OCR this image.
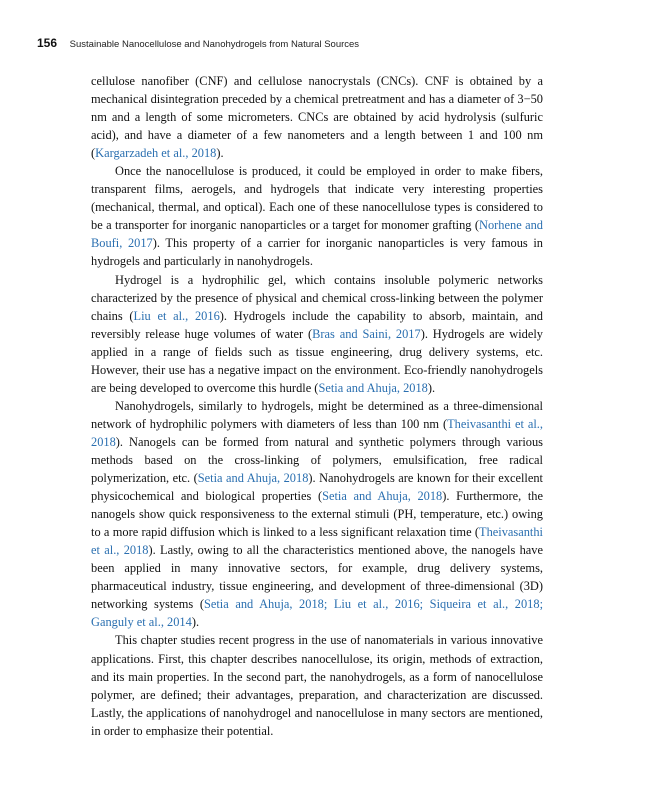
156 Sustainable Nanocellulose and Nanohydrogels from Natural Sources

cellulose nanofiber (CNF) and cellulose nanocrystals (CNCs). CNF is obtained by a mechanical disintegration preceded by a chemical pretreatment and has a diameter of 3−50 nm and a length of some micrometers. CNCs are obtained by acid hydrolysis (sulfuric acid), and have a diameter of a few nanometers and a length between 1 and 100 nm (Kargarzadeh et al., 2018).

Once the nanocellulose is produced, it could be employed in order to make fibers, transparent films, aerogels, and hydrogels that indicate very interesting properties (mechanical, thermal, and optical). Each one of these nanocellulose types is considered to be a transporter for inorganic nanoparticles or a target for monomer grafting (Norhene and Boufi, 2017). This property of a carrier for inorganic nanoparticles is very famous in hydrogels and particularly in nanohydrogels.

Hydrogel is a hydrophilic gel, which contains insoluble polymeric networks characterized by the presence of physical and chemical cross-linking between the polymer chains (Liu et al., 2016). Hydrogels include the capability to absorb, maintain, and reversibly release huge volumes of water (Bras and Saini, 2017). Hydrogels are widely applied in a range of fields such as tissue engineering, drug delivery systems, etc. However, their use has a negative impact on the environment. Eco-friendly nanohydrogels are being developed to overcome this hurdle (Setia and Ahuja, 2018).

Nanohydrogels, similarly to hydrogels, might be determined as a three-dimensional network of hydrophilic polymers with diameters of less than 100 nm (Theivasanthi et al., 2018). Nanogels can be formed from natural and synthetic polymers through various methods based on the cross-linking of polymers, emulsification, free radical polymerization, etc. (Setia and Ahuja, 2018). Nanohydrogels are known for their excellent physicochemical and biological properties (Setia and Ahuja, 2018). Furthermore, the nanogels show quick responsiveness to the external stimuli (PH, temperature, etc.) owing to a more rapid diffusion which is linked to a less significant relaxation time (Theivasanthi et al., 2018). Lastly, owing to all the characteristics mentioned above, the nanogels have been applied in many innovative sectors, for example, drug delivery systems, pharmaceutical industry, tissue engineering, and development of three-dimensional (3D) networking systems (Setia and Ahuja, 2018; Liu et al., 2016; Siqueira et al., 2018; Ganguly et al., 2014).

This chapter studies recent progress in the use of nanomaterials in various innovative applications. First, this chapter describes nanocellulose, its origin, methods of extraction, and its main properties. In the second part, the nanohydrogels, as a form of nanocellulose polymer, are defined; their advantages, preparation, and characterization are discussed. Lastly, the applications of nanohydrogel and nanocellulose in many sectors are mentioned, in order to emphasize their potential.
